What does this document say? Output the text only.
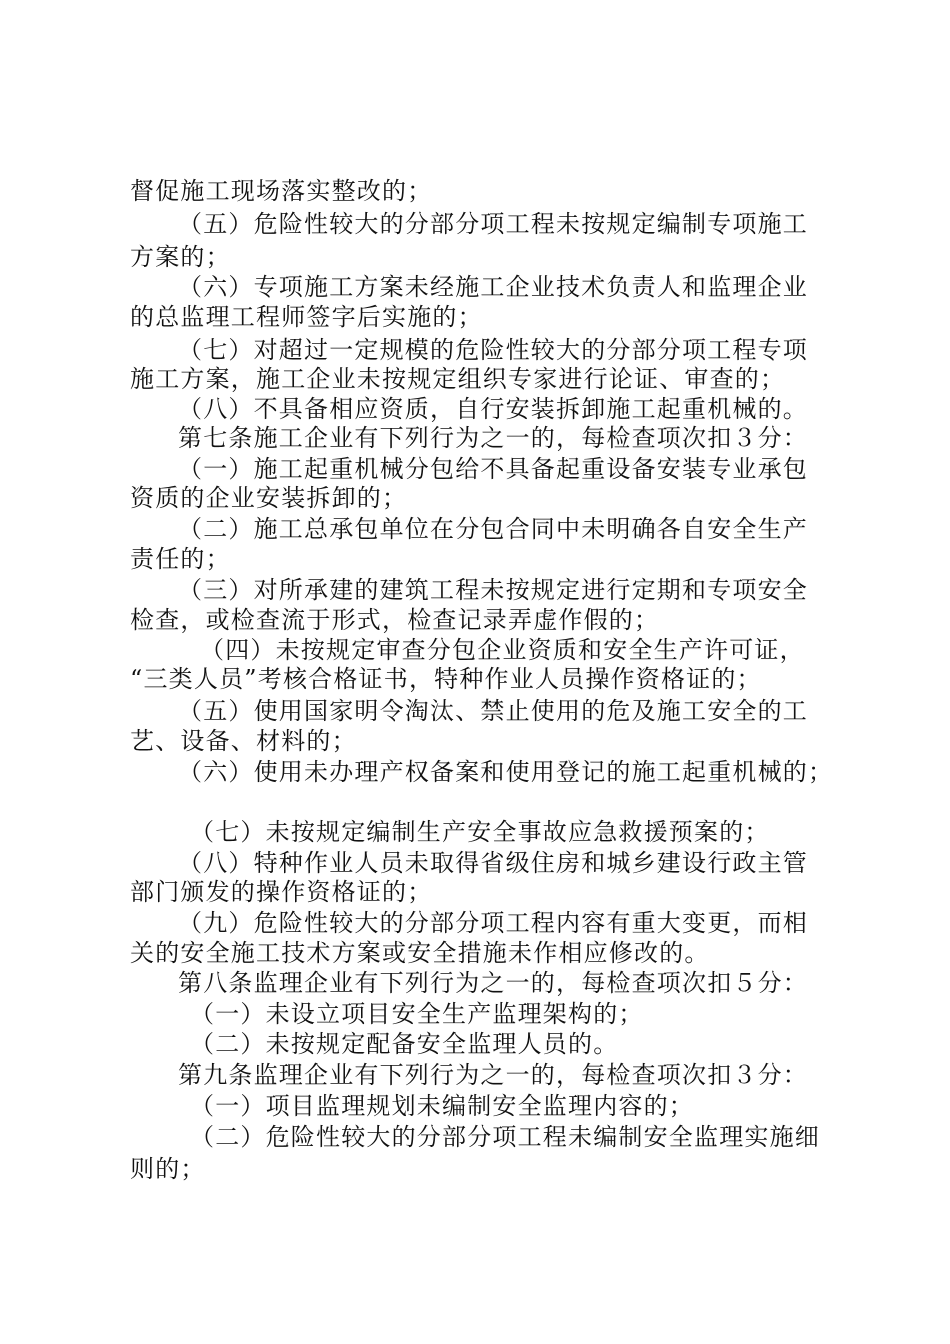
督促施工现场落实整改的；
（五）危险性较大的分部分项工程未按规定编制专项施工
方案的；
（六）专项施工方案未经施工企业技术负责人和监理企业
的总监理工程师签字后实施的；
（七）对超过一定规模的危险性较大的分部分项工程专项
施工方案，施工企业未按规定组织专家进行论证、审查的；
（八）不具备相应资质，自行安装拆卸施工起重机械的。
第七条施工企业有下列行为之一的，每检查项次扣３分：
（一）施工起重机械分包给不具备起重设备安装专业承包
资质的企业安装拆卸的；
（二）施工总承包单位在分包合同中未明确各自安全生产
责任的；
（三）对所承建的建筑工程未按规定进行定期和专项安全
检查，或检查流于形式，检查记录弄虚作假的；
（四）未按规定审查分包企业资质和安全生产许可证，
“三类人员”考核合格证书，特种作业人员操作资格证的；
（五）使用国家明令淘汰、禁止使用的危及施工安全的工
艺、设备、材料的；
（六）使用未办理产权备案和使用登记的施工起重机械的；
（七）未按规定编制生产安全事故应急救援预案的；
（八）特种作业人员未取得省级住房和城乡建设行政主管
部门颁发的操作资格证的；
（九）危险性较大的分部分项工程内容有重大变更，而相
关的安全施工技术方案或安全措施未作相应修改的。
第八条监理企业有下列行为之一的，每检查项次扣５分：
（一）未设立项目安全生产监理架构的；
（二）未按规定配备安全监理人员的。
第九条监理企业有下列行为之一的，每检查项次扣３分：
（一）项目监理规划未编制安全监理内容的；
（二）危险性较大的分部分项工程未编制安全监理实施细
则的；
